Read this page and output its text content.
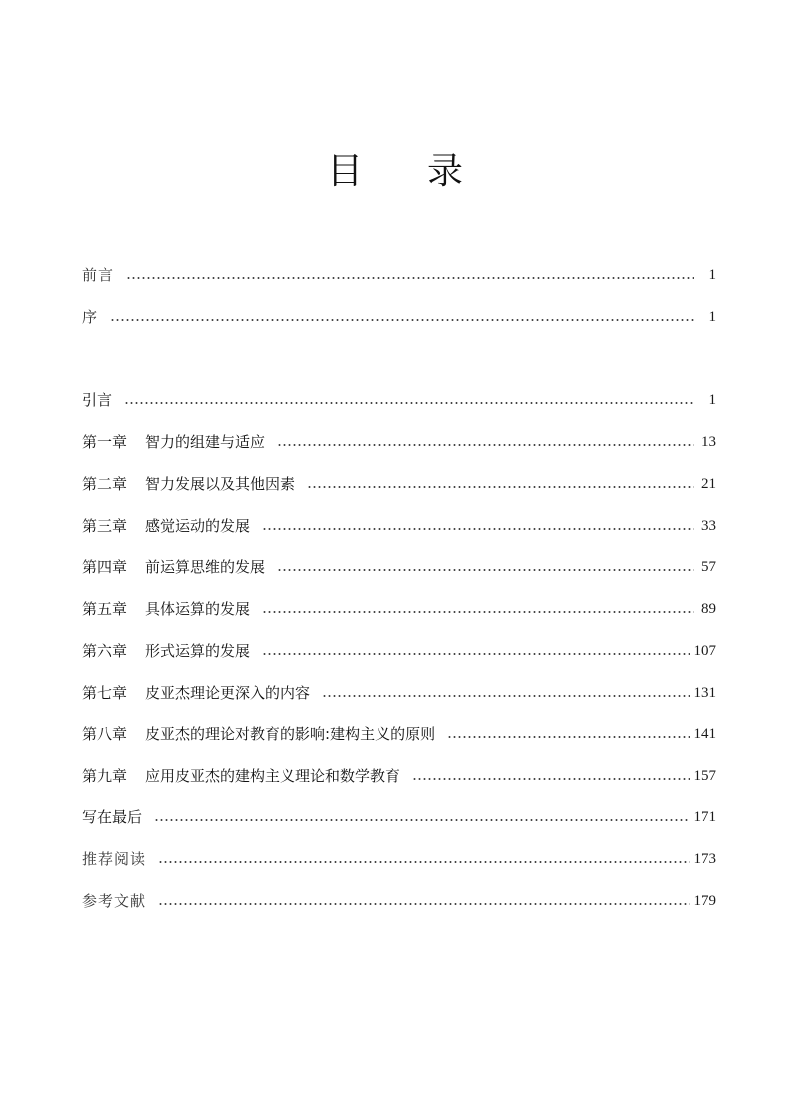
目 录
前言	1
序	1
引言	1
第一章 智力的组建与适应	13
第二章 智力发展以及其他因素	21
第三章 感觉运动的发展	33
第四章 前运算思维的发展	57
第五章 具体运算的发展	89
第六章 形式运算的发展	107
第七章 皮亚杰理论更深入的内容	131
第八章 皮亚杰的理论对教育的影响:建构主义的原则	141
第九章 应用皮亚杰的建构主义理论和数学教育	157
写在最后	171
推荐阅读	173
参考文献	179
